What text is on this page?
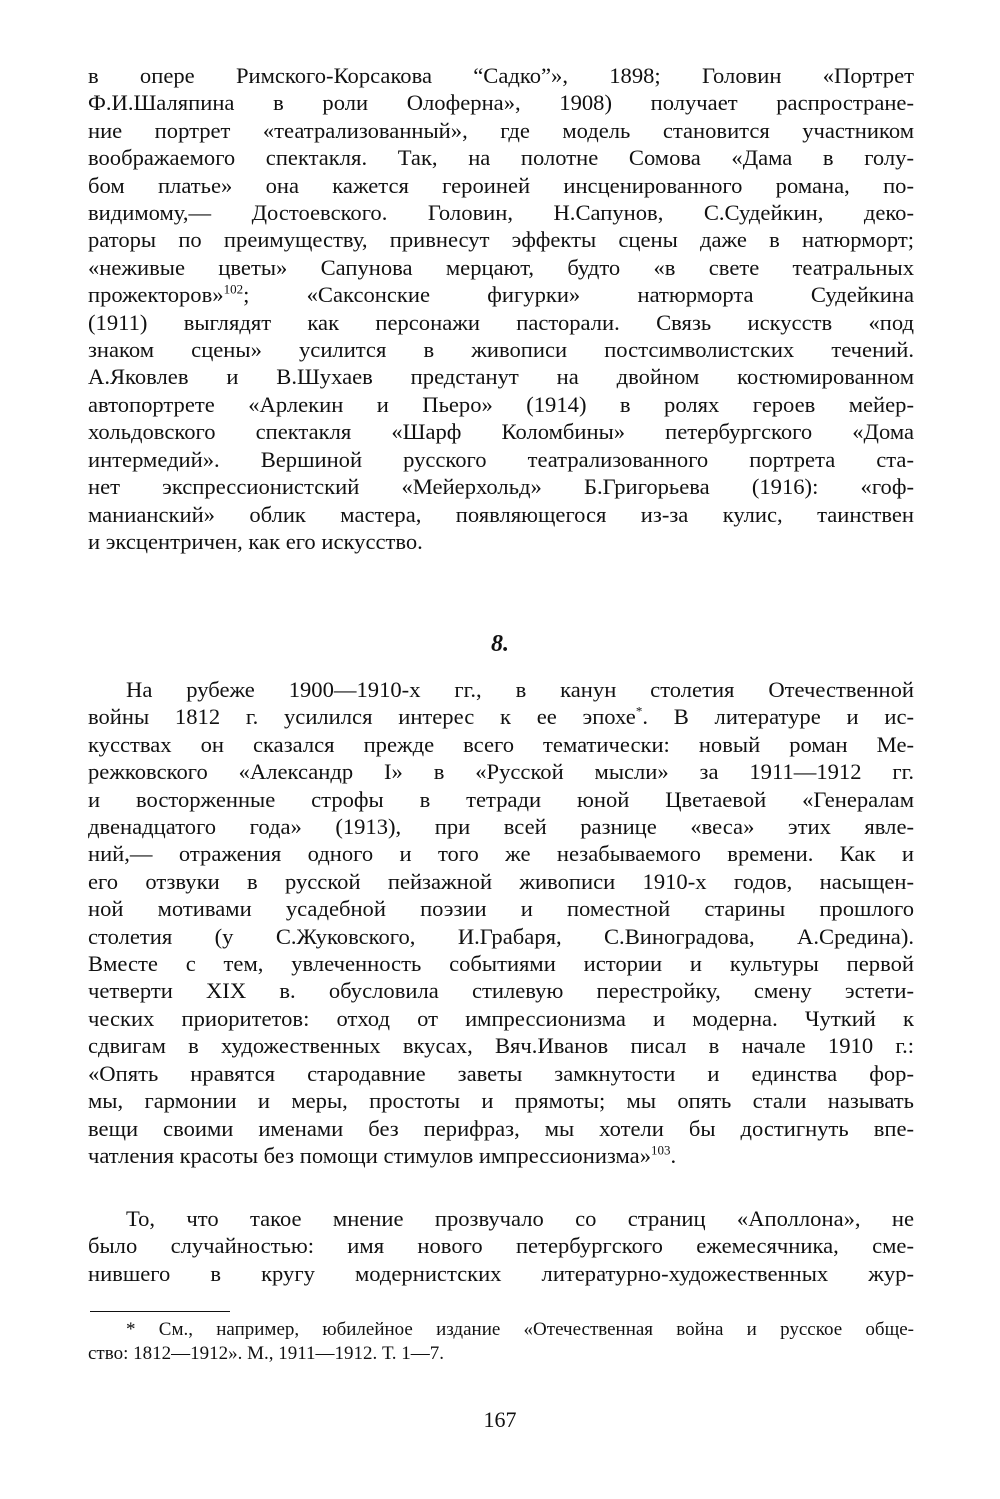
в опере Римского-Корсакова “Садко”», 1898; Головин «Портрет
Ф.И.Шаляпина в роли Олоферна», 1908) получает распростране-
ние портрет «театрализованный», где модель становится участником
воображаемого спектакля. Так, на полотне Сомова «Дама в голу-
бом платье» она кажется героиней инсценированного романа, по-
видимому,— Достоевского. Головин, Н.Сапунов, С.Судейкин, деко-
раторы по преимуществу, привнесут эффекты сцены даже в натюрморт;
«неживые цветы» Сапунова мерцают, будто «в свете театральных
прожекторов»$^{102}$; «Саксонские фигурки» натюрморта Судейкина
(1911) выглядят как персонажи пасторали. Связь искусств «под
знаком сцены» усилится в живописи постсимволистских течений.
А.Яковлев и В.Шухаев предстанут на двойном костюмированном
автопортрете «Арлекин и Пьеро» (1914) в ролях героев мейер-
хольдовского спектакля «Шарф Коломбины» петербургского «Дома
интермедий». Вершиной русского театрализованного портрета ста-
нет экспрессионистский «Мейерхольд» Б.Григорьева (1916): «гоф-
манианский» облик мастера, появляющегося из-за кулис, таинствен
и эксцентричен, как его искусство.
8.
На рубеже 1900—1910-х гг., в канун столетия Отечественной
войны 1812 г. усилился интерес к ее эпохе*. В литературе и ис-
кусствах он сказался прежде всего тематически: новый роман Ме-
режковского «Александр I» в «Русской мысли» за 1911—1912 гг.
и восторженные строфы в тетради юной Цветаевой «Генералам
двенадцатого года» (1913), при всей разнице «веса» этих явле-
ний,— отражения одного и того же незабываемого времени. Как и
его отзвуки в русской пейзажной живописи 1910-х годов, насыщен-
ной мотивами усадебной поэзии и поместной старины прошлого
столетия (у С.Жуковского, И.Грабаря, С.Виноградова, А.Средина).
Вместе с тем, увлеченность событиями истории и культуры первой
четверти XIX в. обусловила стилевую перестройку, смену эстети-
ческих приоритетов: отход от импрессионизма и модерна. Чуткий к
сдвигам в художественных вкусах, Вяч.Иванов писал в начале 1910 г.:
«Опять нравятся стародавние заветы замкнутости и единства фор-
мы, гармонии и меры, простоты и прямоты; мы опять стали называть
вещи своими именами без перифраз, мы хотели бы достигнуть впе-
чатления красоты без помощи стимулов импрессионизма»$^{103}$.
То, что такое мнение прозвучало со страниц «Аполлона», не
было случайностью: имя нового петербургского ежемесячника, сме-
нившего в кругу модернистских литературно-художественных жур-
* См., например, юбилейное издание «Отечественная война и русское обще-
ство: 1812—1912». М., 1911—1912. Т. 1—7.
167
